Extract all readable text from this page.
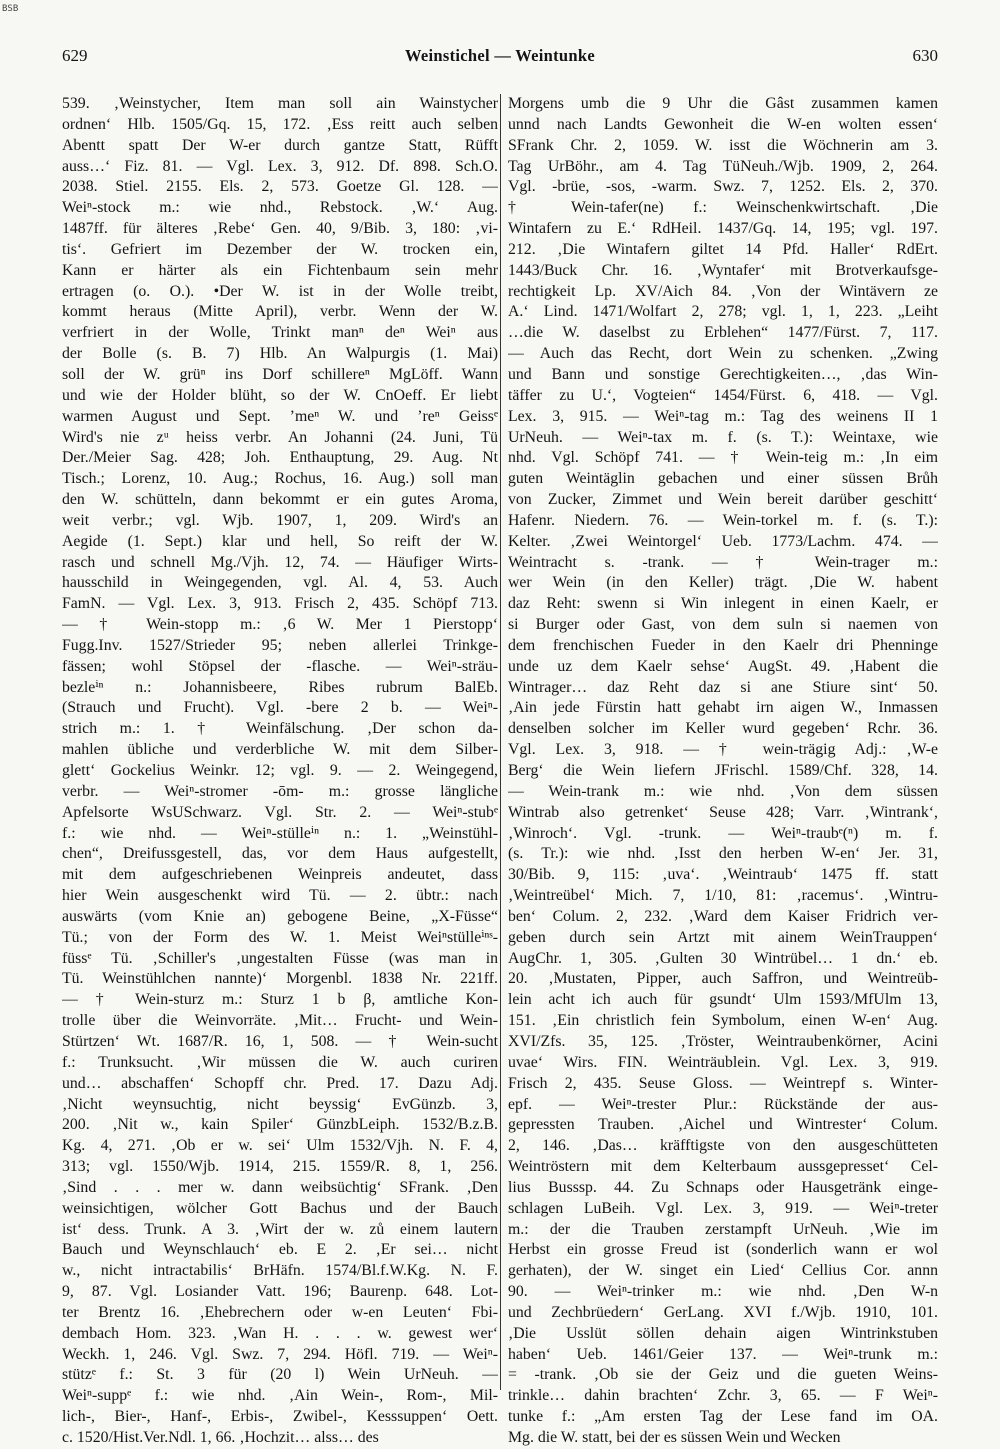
BSB
629	Weinstichel — Weintunke	630
539. ‚Weinstycher, Item man soll ain Wainstycher
ordnen‘ Hlb. 1505/Gq. 15, 172. ‚Ess reitt auch selben
Abentt spatt Der W-er durch gantze Statt, Rüfft
auss…‘ Fiz. 81. — Vgl. Lex. 3, 912. Df. 898. Sch.O.
2038. Stiel. 2155. Els. 2, 573. Goetze Gl. 128. —
Weiⁿ-stock m.: wie nhd., Rebstock. ‚W.‘ Aug.
1487ff. für älteres ‚Rebe‘ Gen. 40, 9/Bib. 3, 180: ‚vi-
tis‘. Gefriert im Dezember der W. trocken ein,
Kann er härter als ein Fichtenbaum sein mehr
ertragen (o. O.). •Der W. ist in der Wolle treibt,
kommt heraus (Mitte April), verbr. Wenn der W.
verfriert in der Wolle, Trinkt manⁿ deⁿ Weiⁿ aus
der Bolle (s. B. 7) Hlb. An Walpurgis (1. Mai)
soll der W. grüⁿ ins Dorf schillereⁿ MgLöff. Wann
und wie der Holder blüht, so der W. CnOeff. Er liebt
warmen August und Sept. ’meⁿ W. und ’reⁿ Geissᵉ
Wird's nie zᵘ heiss verbr. An Johanni (24. Juni, Tü
Der./Meier Sag. 428; Joh. Enthauptung, 29. Aug. Nt
Tisch.; Lorenz, 10. Aug.; Rochus, 16. Aug.) soll man
den W. schütteln, dann bekommt er ein gutes Aroma,
weit verbr.; vgl. Wjb. 1907, 1, 209. Wird's an
Aegide (1. Sept.) klar und hell, So reift der W.
rasch und schnell Mg./Vjh. 12, 74. — Häufiger Wirts-
hausschild in Weingegenden, vgl. Al. 4, 53. Auch
FamN. — Vgl. Lex. 3, 913. Frisch 2, 435. Schöpf 713.
— † Wein-stopp m.: ‚6 W. Mer 1 Pierstopp‘
Fugg.Inv. 1527/Strieder 95; neben allerlei Trinkge-
fässen; wohl Stöpsel der -flasche. — Weiⁿ-sträu-
bezleⁱⁿ n.: Johannisbeere, Ribes rubrum BalEb.
(Strauch und Frucht). Vgl. -bere 2 b. — Weiⁿ-
strich m.: 1. † Weinfälschung. ‚Der schon da-
mahlen übliche und verderbliche W. mit dem Silber-
glett‘ Gockelius Weinkr. 12; vgl. 9. — 2. Weingegend,
verbr. — Weiⁿ-stromer -ōm- m.: grosse längliche
Apfelsorte WsUSchwarz. Vgl. Str. 2. — Weiⁿ-stubᵉ
f.: wie nhd. — Weiⁿ-stülleⁱⁿ n.: 1. „Weinstühl-
chen“, Dreifussgestell, das, vor dem Haus aufgestellt,
mit dem aufgeschriebenen Weinpreis andeutet, dass
hier Wein ausgeschenkt wird Tü. — 2. übtr.: nach
auswärts (vom Knie an) gebogene Beine, „X-Füsse“
Tü.; von der Form des W. 1. Meist Weiⁿstülleⁱⁿˢ-
füssᵉ Tü. ‚Schiller's ‚ungestalten Füsse (was man in
Tü. Weinstühlchen nannte)‘ Morgenbl. 1838 Nr. 221ff.
— † Wein-sturz m.: Sturz 1 b β, amtliche Kon-
trolle über die Weinvorräte. ‚Mit… Frucht- und Wein-
Stürtzen‘ Wt. 1687/R. 16, 1, 508. — † Wein-sucht
f.: Trunksucht. ‚Wir müssen die W. auch curiren
und… abschaffen‘ Schopff chr. Pred. 17. Dazu Adj.
‚Nicht weynsuchtig, nicht beyssig‘ EvGünzb. 3,
200. ‚Nit w., kain Spiler‘ GünzbLeiph. 1532/B.z.B.
Kg. 4, 271. ‚Ob er w. sei‘ Ulm 1532/Vjh. N. F. 4,
313; vgl. 1550/Wjb. 1914, 215. 1559/R. 8, 1, 256.
‚Sind . . . mer w. dann weibsüchtig‘ SFrank. ‚Den
weinsichtigen, wölcher Gott Bachus und der Bauch
ist‘ dess. Trunk. A 3. ‚Wirt der w. zů einem lautern
Bauch und Weynschlauch‘ eb. E 2. ‚Er sei… nicht
w., nicht intractabilis‘ BrHäfn. 1574/Bl.f.W.Kg. N. F.
9, 87. Vgl. Losiander Vatt. 196; Baurenp. 648. Lot-
ter Brentz 16. ‚Ehebrechern oder w-en Leuten‘ Fbi-
dembach Hom. 323. ‚Wan H. . . . w. gewest wer‘
Weckh. 1, 246. Vgl. Swz. 7, 294. Höfl. 719. — Weiⁿ-
stützᵉ f.: St. 3 für (20 l) Wein UrNeuh. —
Weiⁿ-suppᵉ f.: wie nhd. ‚Ain Wein-, Rom-, Mil-
lich-, Bier-, Hanf-, Erbis-, Zwibel-, Kesssuppen‘ Oett.
c. 1520/Hist.Ver.Ndl. 1, 66. ‚Hochzit… alss… des
Morgens umb die 9 Uhr die Gâst zusammen kamen
unnd nach Landts Gewonheit die W-en wolten essen‘
SFrank Chr. 2, 1059. W. isst die Wöchnerin am 3.
Tag UrBöhr., am 4. Tag TüNeuh./Wjb. 1909, 2, 264.
Vgl. -brüe, -sos, -warm. Swz. 7, 1252. Els. 2, 370.
† Wein-tafer(ne) f.: Weinschenkwirtschaft. ‚Die
Wintafern zu E.‘ RdHeil. 1437/Gq. 14, 195; vgl. 197.
212. ‚Die Wintafern giltet 14 Pfd. Haller‘ RdErt.
1443/Buck Chr. 16. ‚Wyntafer‘ mit Brotverkaufsge-
rechtigkeit Lp. XV/Aich 84. ‚Von der Wintävern ze
A.‘ Lind. 1471/Wolfart 2, 278; vgl. 1, 1, 223. „Leiht
…die W. daselbst zu Erblehen“ 1477/Fürst. 7, 117.
— Auch das Recht, dort Wein zu schenken. „Zwing
und Bann und sonstige Gerechtigkeiten…, ‚das Win-
täffer zu U.‘, Vogteien“ 1454/Fürst. 6, 418. — Vgl.
Lex. 3, 915. — Weiⁿ-tag m.: Tag des weinens II 1
UrNeuh. — Weiⁿ-tax m. f. (s. T.): Weintaxe, wie
nhd. Vgl. Schöpf 741. — † Wein-teig m.: ‚In eim
guten Weintäglin gebachen und einer süssen Brůh
von Zucker, Zimmet und Wein bereit darüber geschitt‘
Hafenr. Niedern. 76. — Wein-torkel m. f. (s. T.):
Kelter. ‚Zwei Weintorgel‘ Ueb. 1773/Lachm. 474. —
Weintracht s. -trank. — † Wein-trager m.:
wer Wein (in den Keller) trägt. ‚Die W. habent
daz Reht: swenn si Win inlegent in einen Kaelr, er
si Burger oder Gast, von dem suln si naemen von
dem frenchischen Fueder in den Kaelr dri Phenninge
unde uz dem Kaelr sehse‘ AugSt. 49. ‚Habent die
Wintrager… daz Reht daz si ane Stiure sint‘ 50.
‚Ain jede Fürstin hatt gehabt irn aigen W., Inmassen
denselben solcher im Keller wurd gegeben‘ Rchr. 36.
Vgl. Lex. 3, 918. — † wein-trägig Adj.: ‚W-e
Berg‘ die Wein liefern JFrischl. 1589/Chf. 328, 14.
— Wein-trank m.: wie nhd. ‚Von dem süssen
Wintrab also getrenket‘ Seuse 428; Varr. ‚Wintrank‘,
‚Winroch‘. Vgl. -trunk. — Weiⁿ-traubᵉ(ⁿ) m. f.
(s. Tr.): wie nhd. ‚Isst den herben W-en‘ Jer. 31,
30/Bib. 9, 115: ‚uva‘. ‚Weintraub‘ 1475 ff. statt
‚Weintreübel‘ Mich. 7, 1/10, 81: ‚racemus‘. ‚Wintru-
ben‘ Colum. 2, 232. ‚Ward dem Kaiser Fridrich ver-
geben durch sein Artzt mit ainem WeinTrauppen‘
AugChr. 1, 305. ‚Gulten 30 Wintrübel… 1 dn.‘ eb.
20. ‚Mustaten, Pipper, auch Saffron, und Weintreüb-
lein acht ich auch für gsundt‘ Ulm 1593/MfUlm 13,
151. ‚Ein christlich fein Symbolum, einen W-en‘ Aug.
XVI/Zfs. 35, 125. ‚Tröster, Weintraubenkörner, Acini
uvae‘ Wirs. FIN. Weinträublein. Vgl. Lex. 3, 919.
Frisch 2, 435. Seuse Gloss. — Weintrepf s. Winter-
epf. — Weiⁿ-trester Plur.: Rückstände der aus-
gepressten Trauben. ‚Aichel und Wintrester‘ Colum.
2, 146. ‚Das… kräfftigste von den ausgeschütteten
Weintröstern mit dem Kelterbaum aussgepresset‘ Cel-
lius Busssp. 44. Zu Schnaps oder Hausgetränk einge-
schlagen LuBeih. Vgl. Lex. 3, 919. — Weiⁿ-treter
m.: der die Trauben zerstampft UrNeuh. ‚Wie im
Herbst ein grosse Freud ist (sonderlich wann er wol
gerhaten), der W. singet ein Lied‘ Cellius Cor. annn
90. — Weiⁿ-trinker m.: wie nhd. ‚Den W-n
und Zechbrüedern‘ GerLang. XVI f./Wjb. 1910, 101.
‚Die Usslüt söllen dehain aigen Wintrinkstuben
haben‘ Ueb. 1461/Geier 137. — Weiⁿ-trunk m.:
= -trank. ‚Ob sie der Geiz und die gueten Weins-
trinkle… dahin brachten‘ Zchr. 3, 65. — F Weiⁿ-
tunke f.: „Am ersten Tag der Lese fand im OA.
Mg. die W. statt, bei der es süssen Wein und Wecken
